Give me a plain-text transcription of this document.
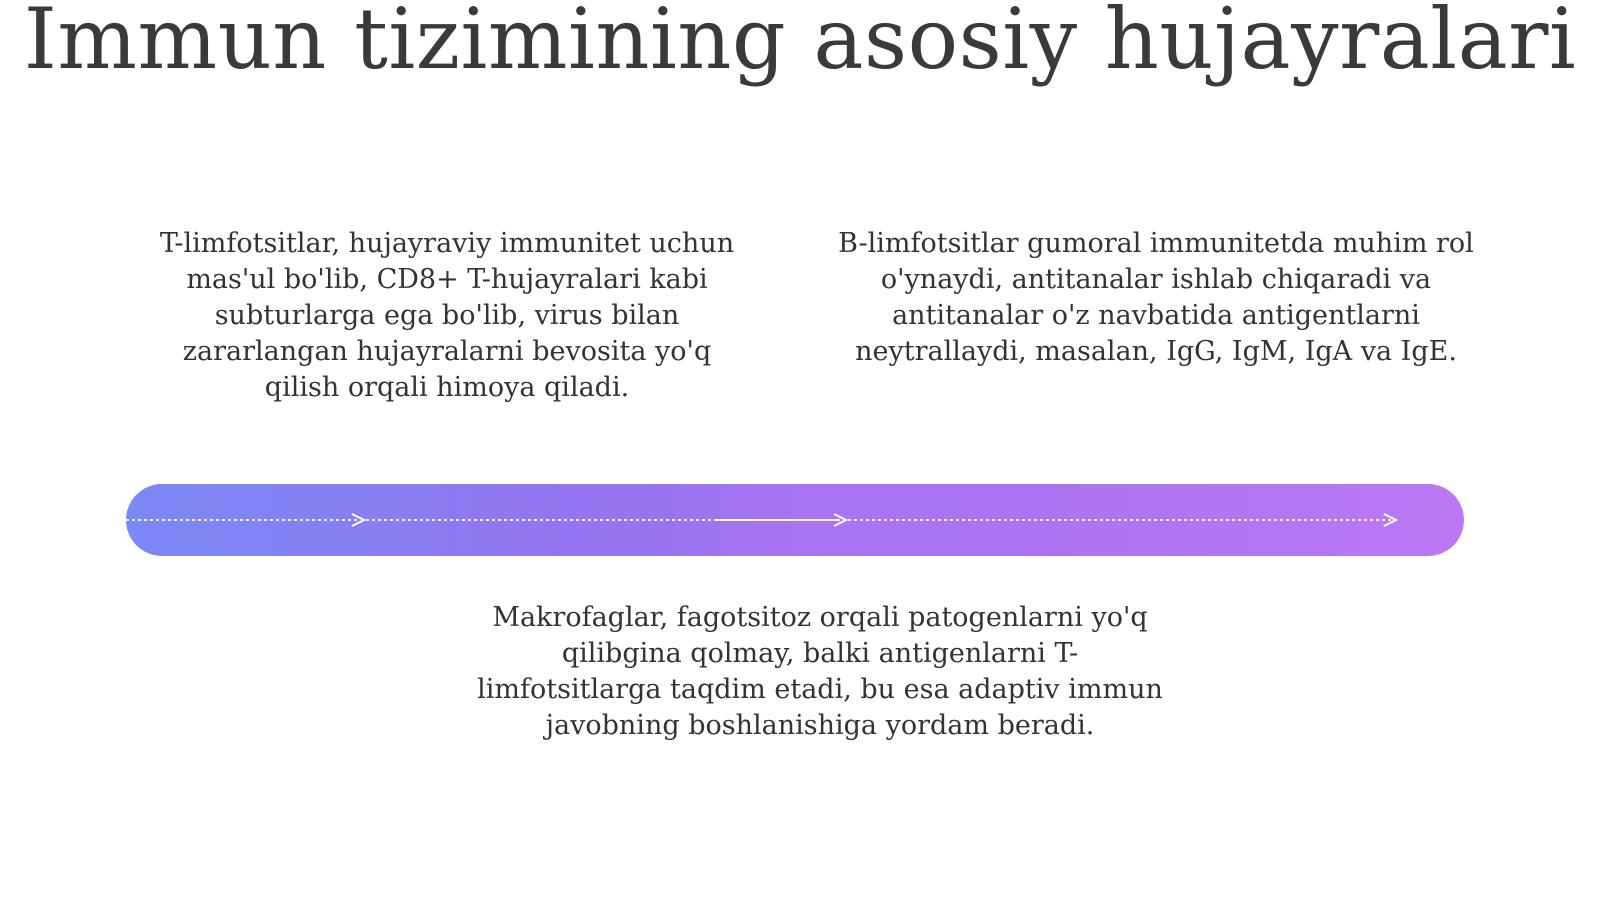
Immun tizimining asosiy hujayralari

T-limfotsitlar, hujayraviy immunitet uchun mas'ul bo'lib, CD8+ T-hujayralari kabi subturlarga ega bo'lib, virus bilan zararlangan hujayralarni bevosita yo'q qilish orqali himoya qiladi.

B-limfotsitlar gumoral immunitetda muhim rol o'ynaydi, antitanalar ishlab chiqaradi va antitanalar o'z navbatida antigentlarni neytrallaydi, masalan, IgG, IgM, IgA va IgE.

Makrofaglar, fagotsitoz orqali patogenlarni yo'q qilibgina qolmay, balki antigenlarni T-limfotsitlarga taqdim etadi, bu esa adaptiv immun javobning boshlanishiga yordam beradi.
